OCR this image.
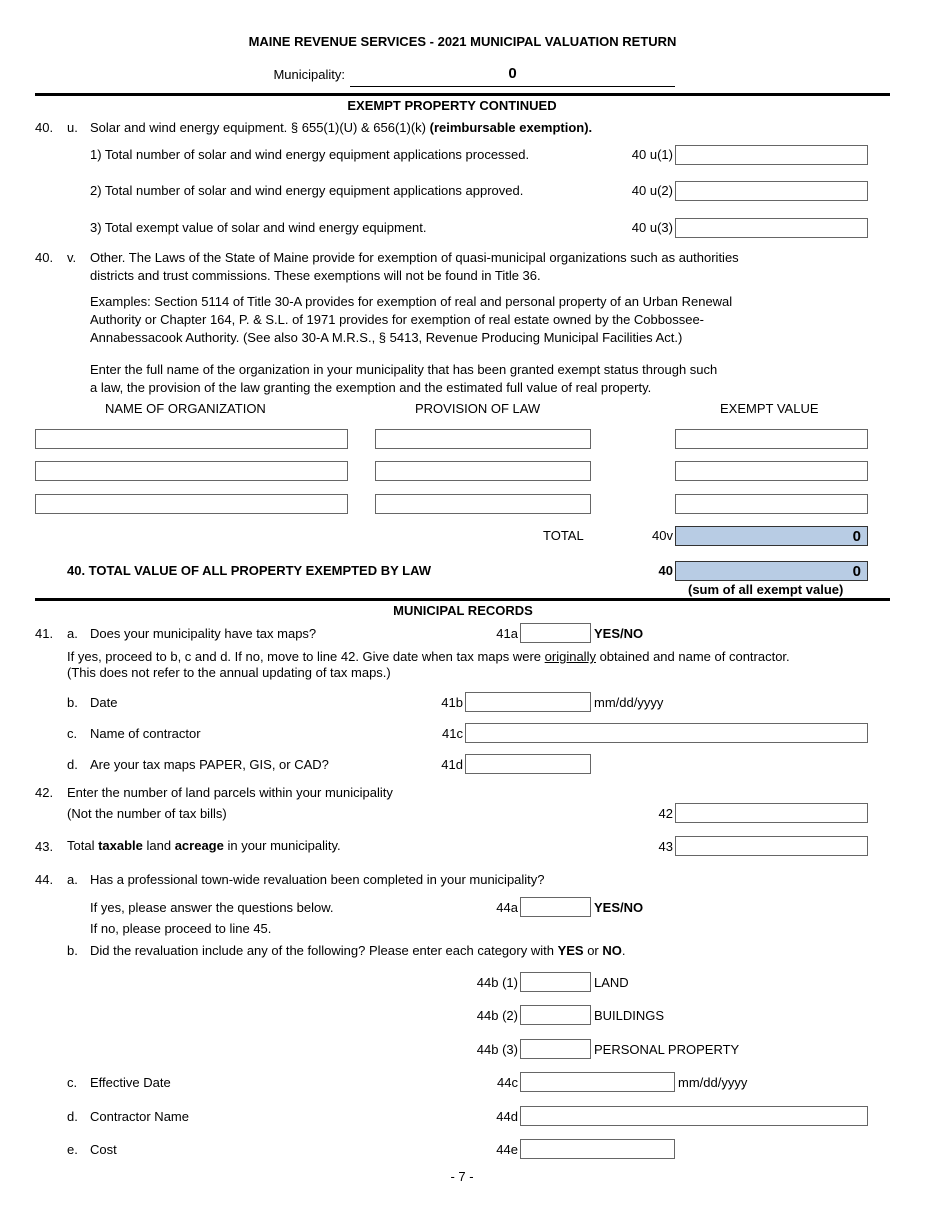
MAINE REVENUE SERVICES - 2021 MUNICIPAL VALUATION RETURN
Municipality:	0
EXEMPT PROPERTY CONTINUED
40. u. Solar and wind energy equipment. § 655(1)(U) & 656(1)(k) (reimbursable exemption).
1) Total number of solar and wind energy equipment applications processed.	40 u(1)
2) Total number of solar and wind energy equipment applications approved.	40 u(2)
3) Total exempt value of solar and wind energy equipment.	40 u(3)
40. v. Other. The Laws of the State of Maine provide for exemption of quasi-municipal organizations such as authorities
districts and trust commissions. These exemptions will not be found in Title 36.
Examples: Section 5114 of Title 30-A provides for exemption of real and personal property of an Urban Renewal
Authority or Chapter 164, P. & S.L. of 1971 provides for exemption of real estate owned by the Cobbossee-
Annabessacook Authority. (See also 30-A M.R.S., § 5413, Revenue Producing Municipal Facilities Act.)
Enter the full name of the organization in your municipality that has been granted exempt status through such
a law, the provision of the law granting the exemption and the estimated full value of real property.
NAME OF ORGANIZATION	PROVISION OF LAW	EXEMPT VALUE
TOTAL	40v	0
40. TOTAL VALUE OF ALL PROPERTY EXEMPTED BY LAW	40	0
(sum of all exempt value)
MUNICIPAL RECORDS
41. a. Does your municipality have tax maps?	41a	YES/NO
If yes, proceed to b, c and d. If no, move to line 42. Give date when tax maps were originally obtained and name of contractor.
(This does not refer to the annual updating of tax maps.)
b. Date	41b	mm/dd/yyyy
c. Name of contractor	41c
d. Are your tax maps PAPER, GIS, or CAD?	41d
42. Enter the number of land parcels within your municipality
(Not the number of tax bills)	42
43. Total taxable land acreage in your municipality.	43
44. a. Has a professional town-wide revaluation been completed in your municipality?
If yes, please answer the questions below.
If no, please proceed to line 45.
44a	YES/NO
b. Did the revaluation include any of the following? Please enter each category with YES or NO.
44b (1)	LAND
44b (2)	BUILDINGS
44b (3)	PERSONAL PROPERTY
c. Effective Date	44c	mm/dd/yyyy
d. Contractor Name	44d
e. Cost	44e
- 7 -
